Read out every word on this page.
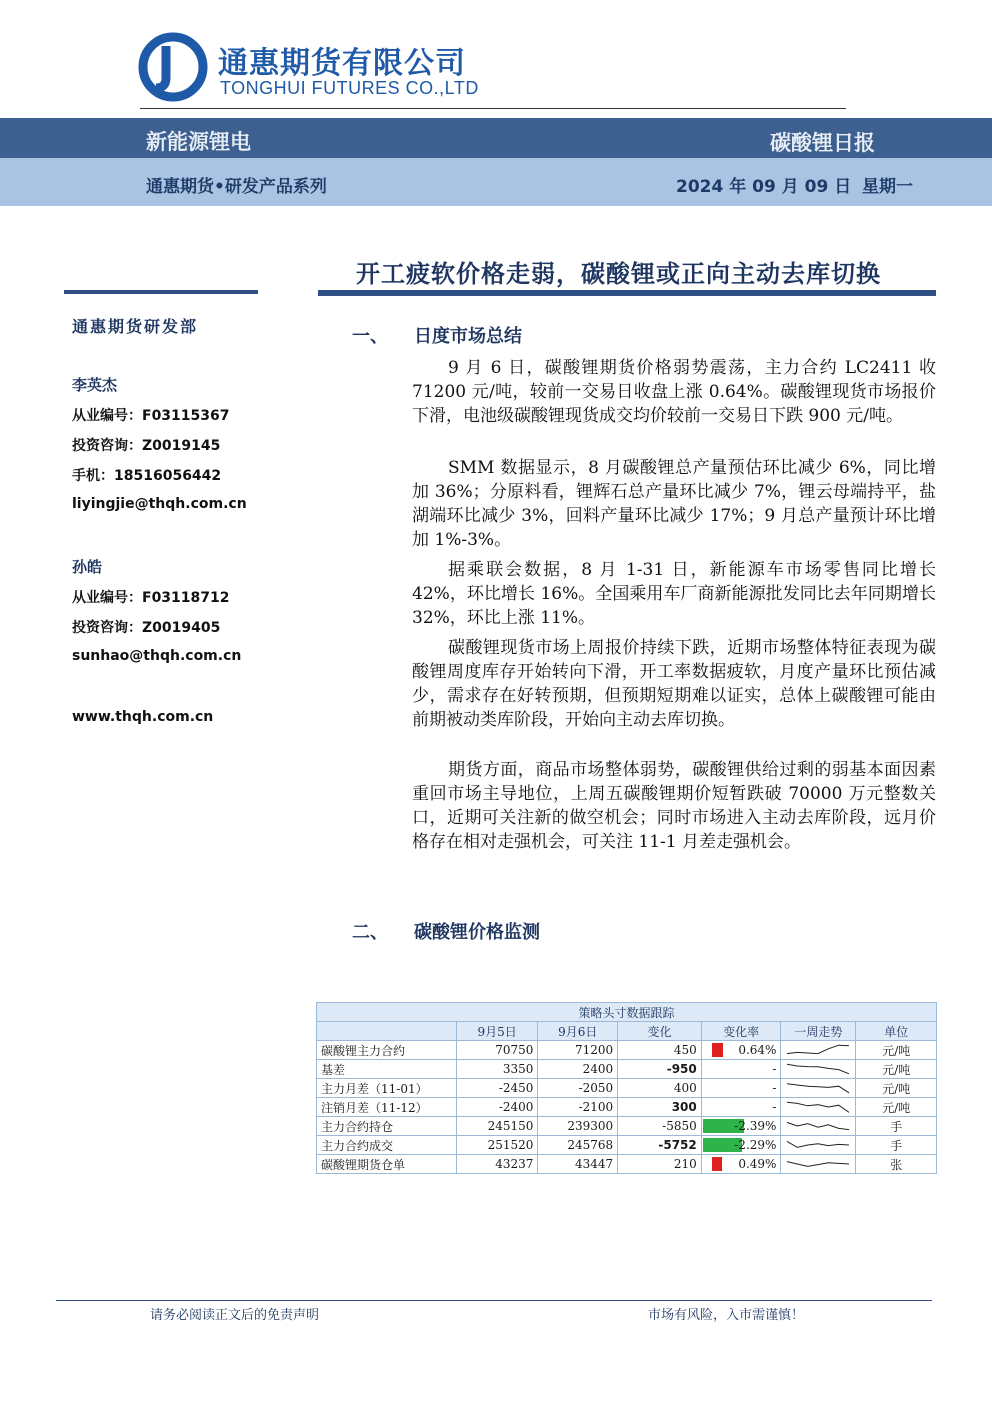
通惠期货有限公司
TONGHUI FUTURES CO.,LTD
新能源锂电	碳酸锂日报
通惠期货•研发产品系列	2024 年 09 月 09 日 星期一
开工疲软价格走弱，碳酸锂或正向主动去库切换
通惠期货研发部
李英杰
从业编号：F03115367
投资咨询：Z0019145
手机：18516056442
liyingjie@thqh.com.cn
孙皓
从业编号：F03118712
投资咨询：Z0019405
sunhao@thqh.com.cn
www.thqh.com.cn
一、 日度市场总结

9 月 6 日，碳酸锂期货价格弱势震荡，主力合约 LC2411 收 71200 元/吨，较前一交易日收盘上涨 0.64%。碳酸锂现货市场报价下滑，电池级碳酸锂现货成交均价较前一交易日下跌 900 元/吨。

SMM 数据显示，8 月碳酸锂总产量预估环比减少 6%，同比增加 36%；分原料看，锂辉石总产量环比减少 7%，锂云母端持平，盐湖端环比减少 3%，回料产量环比减少 17%；9 月总产量预计环比增加 1%-3%。

据乘联会数据，8 月 1-31 日，新能源车市场零售同比增长 42%，环比增长 16%。全国乘用车厂商新能源批发同比去年同期增长 32%，环比上涨 11%。

碳酸锂现货市场上周报价持续下跌，近期市场整体特征表现为碳酸锂周度库存开始转向下滑，开工率数据疲软，月度产量环比预估减少，需求存在好转预期，但预期短期难以证实，总体上碳酸锂可能由前期被动类库阶段，开始向主动去库切换。

期货方面，商品市场整体弱势，碳酸锂供给过剩的弱基本面因素重回市场主导地位，上周五碳酸锂期价短暂跌破 70000 万元整数关口，近期可关注新的做空机会；同时市场进入主动去库阶段，远月价格存在相对走强机会，可关注 11-1 月差走强机会。

二、 碳酸锂价格监测
策略头寸数据跟踪						
	9月5日	9月6日	变化	变化率	一周走势	单位
碳酸锂主力合约	70750	71200	450	0.64%		元/吨
基差	3350	2400	-950	-		元/吨
主力月差（11-01）	-2450	-2050	400	-		元/吨
注销月差（11-12）	-2400	-2100	300	-		元/吨
主力合约持仓	245150	239300	-5850	-2.39%		手
主力合约成交	251520	245768	-5752	-2.29%		手
碳酸锂期货仓单	43237	43447	210	0.49%		张
请务必阅读正文后的免责声明	市场有风险，入市需谨慎！
